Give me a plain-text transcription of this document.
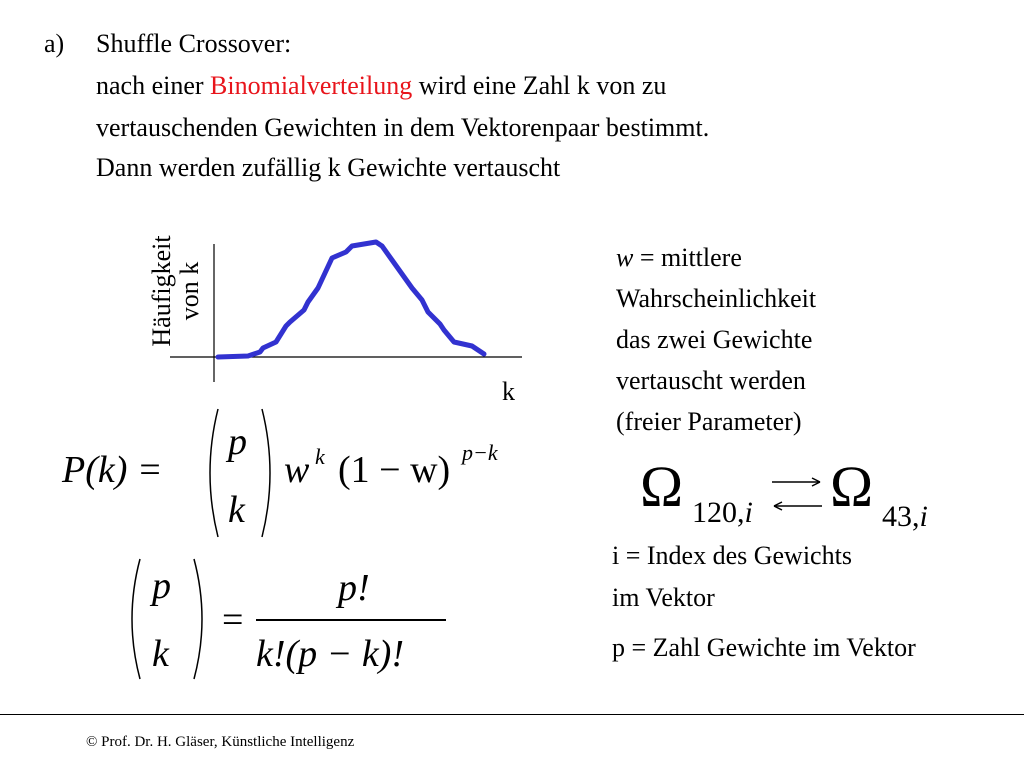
a) Shuffle Crossover:
nach einer Binomialverteilung wird eine Zahl k von zu
vertauschenden Gewichten in dem Vektorenpaar bestimmt.
Dann werden zufällig k Gewichte vertauscht
Häufigkeit von k
k
P(k) =
p
k
w k (1 − w) p−k
p
k
=
p!
k!(p − k)!
w = mittlere
Wahrscheinlichkeit
das zwei Gewichte
vertauscht werden
(freier Parameter)
Ω 120,i Ω 43,i
i = Index des Gewichts
im Vektor
p = Zahl Gewichte im Vektor
© Prof. Dr. H. Gläser, Künstliche Intelligenz
